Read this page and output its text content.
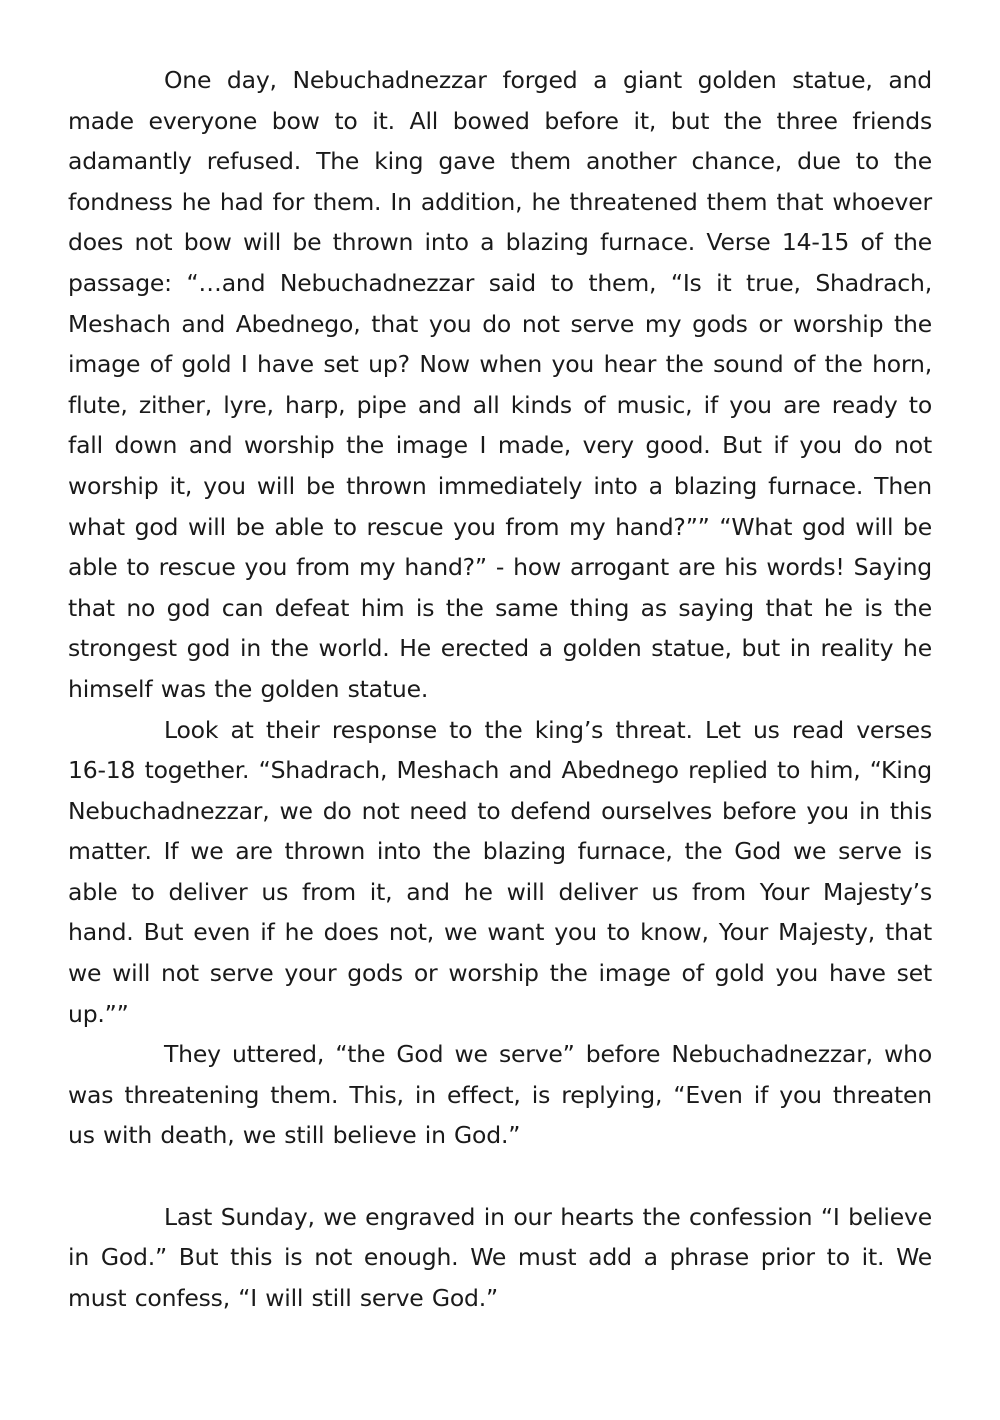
One day, Nebuchadnezzar forged a giant golden statue, and made everyone bow to it. All bowed before it, but the three friends adamantly refused. The king gave them another chance, due to the fondness he had for them. In addition, he threatened them that whoever does not bow will be thrown into a blazing furnace. Verse 14-15 of the passage: “…and Nebuchadnezzar said to them, “Is it true, Shadrach, Meshach and Abednego, that you do not serve my gods or worship the image of gold I have set up? Now when you hear the sound of the horn, flute, zither, lyre, harp, pipe and all kinds of music, if you are ready to fall down and worship the image I made, very good. But if you do not worship it, you will be thrown immediately into a blazing furnace. Then what god will be able to rescue you from my hand?”” “What god will be able to rescue you from my hand?” - how arrogant are his words! Saying that no god can defeat him is the same thing as saying that he is the strongest god in the world. He erected a golden statue, but in reality he himself was the golden statue.

Look at their response to the king’s threat. Let us read verses 16-18 together. “Shadrach, Meshach and Abednego replied to him, “King Nebuchadnezzar, we do not need to defend ourselves before you in this matter. If we are thrown into the blazing furnace, the God we serve is able to deliver us from it, and he will deliver us from Your Majesty’s hand. But even if he does not, we want you to know, Your Majesty, that we will not serve your gods or worship the image of gold you have set up.””

They uttered, “the God we serve” before Nebuchadnezzar, who was threatening them. This, in effect, is replying, “Even if you threaten us with death, we still believe in God.”

Last Sunday, we engraved in our hearts the confession “I believe in God.” But this is not enough. We must add a phrase prior to it. We must confess, “I will still serve God.”
